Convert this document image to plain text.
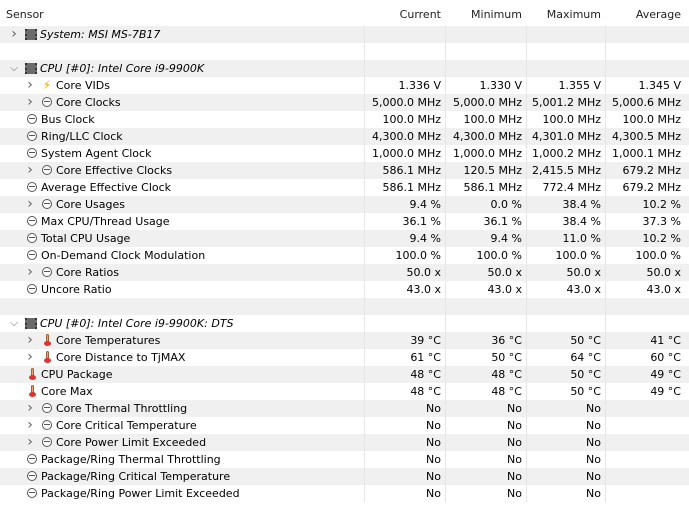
Sensor	Current	Minimum	Maximum	Average
› System: MSI MS-7B17
⌵ CPU [#0]: Intel Core i9-9900K
› ⚡ Core VIDs	1.336 V	1.330 V	1.355 V	1.345 V
› Core Clocks	5,000.0 MHz	5,000.0 MHz 5,001.2 MHz 5,000.6 MHz
Bus Clock	100.0 MHz	100.0 MHz	100.0 MHz	100.0 MHz
Ring/LLC Clock	4,300.0 MHz	4,300.0 MHz 4,301.0 MHz 4,300.5 MHz
System Agent Clock	1,000.0 MHz	1,000.0 MHz 1,000.2 MHz 1,000.1 MHz
› Core Effective Clocks	586.1 MHz	120.5 MHz 2,415.5 MHz	679.2 MHz
Average Effective Clock	586.1 MHz	586.1 MHz	772.4 MHz	679.2 MHz
› Core Usages	9.4 %	0.0 %	38.4 %	10.2 %
Max CPU/Thread Usage	36.1 %	36.1 %	38.4 %	37.3 %
Total CPU Usage	9.4 %	9.4 %	11.0 %	10.2 %
On-Demand Clock Modulation	100.0 %	100.0 %	100.0 %	100.0 %
› Core Ratios	50.0 x	50.0 x	50.0 x	50.0 x
Uncore Ratio	43.0 x	43.0 x	43.0 x	43.0 x
⌵ CPU [#0]: Intel Core i9-9900K: DTS
› Core Temperatures	39 °C	36 °C	50 °C	41 °C
› Core Distance to TjMAX	61 °C	50 °C	64 °C	60 °C
CPU Package	48 °C	48 °C	50 °C	49 °C
Core Max	48 °C	48 °C	50 °C	49 °C
› Core Thermal Throttling	No	No	No
› Core Critical Temperature	No	No	No
› Core Power Limit Exceeded	No	No	No
Package/Ring Thermal Throttling	No	No	No
Package/Ring Critical Temperature	No	No	No
Package/Ring Power Limit Exceeded	No	No	No
